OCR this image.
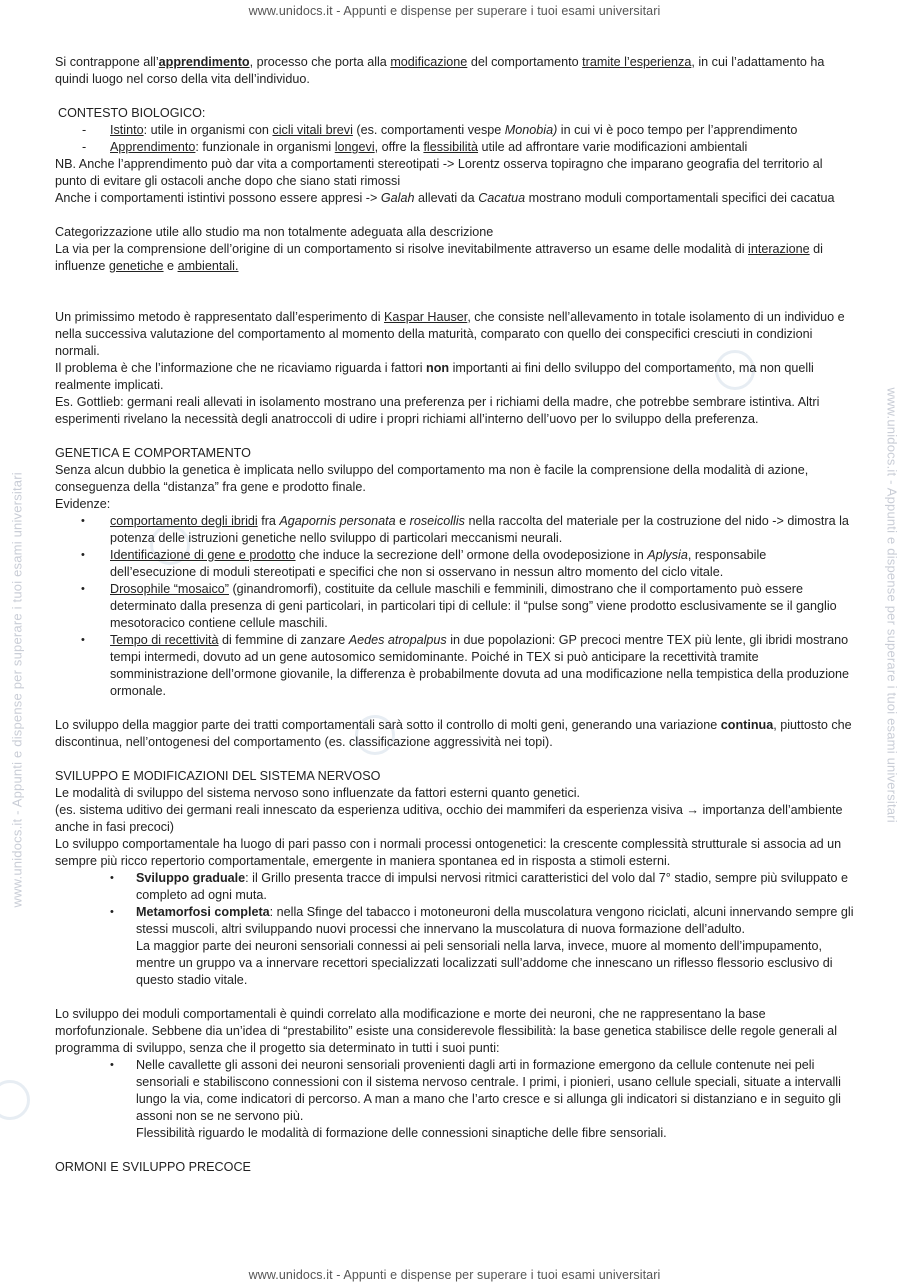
www.unidocs.it - Appunti e dispense per superare i tuoi esami universitari
www.unidocs.it - Appunti e dispense per superare i tuoi esami universitari	www.unidocs.it - Appunti e dispense per superare i tuoi esami universitari

Si contrappone all’apprendimento, processo che porta alla modificazione del comportamento tramite l’esperienza, in cui l’adattamento ha quindi luogo nel corso della vita dell’individuo.

CONTESTO BIOLOGICO:

- Istinto: utile in organismi con cicli vitali brevi (es. comportamenti vespe Monobia) in cui vi è poco tempo per l’apprendimento
- Apprendimento: funzionale in organismi longevi, offre la flessibilità utile ad affrontare varie modificazioni ambientali

NB. Anche l’apprendimento può dar vita a comportamenti stereotipati -> Lorentz osserva topiragno che imparano geografia del territorio al punto di evitare gli ostacoli anche dopo che siano stati rimossi

Anche i comportamenti istintivi possono essere appresi -> Galah allevati da Cacatua mostrano moduli comportamentali specifici dei cacatua

Categorizzazione utile allo studio ma non totalmente adeguata alla descrizione

La via per la comprensione dell’origine di un comportamento si risolve inevitabilmente attraverso un esame delle modalità di interazione di influenze genetiche e ambientali.

Un primissimo metodo è rappresentato dall’esperimento di Kaspar Hauser, che consiste nell’allevamento in totale isolamento di un individuo e nella successiva valutazione del comportamento al momento della maturità, comparato con quello dei conspecifici cresciuti in condizioni normali.

Il problema è che l’informazione che ne ricaviamo riguarda i fattori non importanti ai fini dello sviluppo del comportamento, ma non quelli realmente implicati.

Es. Gottlieb: germani reali allevati in isolamento mostrano una preferenza per i richiami della madre, che potrebbe sembrare istintiva. Altri esperimenti rivelano la necessità degli anatroccoli di udire i propri richiami all’interno dell’uovo per lo sviluppo della preferenza.

GENETICA E COMPORTAMENTO

Senza alcun dubbio la genetica è implicata nello sviluppo del comportamento ma non è facile la comprensione della modalità di azione, conseguenza della “distanza” fra gene e prodotto finale.

Evidenze:

• comportamento degli ibridi fra Agapornis personata e roseicollis nella raccolta del materiale per la costruzione del nido -> dimostra la potenza delle istruzioni genetiche nello sviluppo di particolari meccanismi neurali.
• Identificazione di gene e prodotto che induce la secrezione dell’ ormone della ovodeposizione in Aplysia, responsabile dell’esecuzione di moduli stereotipati e specifici che non si osservano in nessun altro momento del ciclo vitale.
• Drosophile “mosaico” (ginandromorfi), costituite da cellule maschili e femminili, dimostrano che il comportamento può essere determinato dalla presenza di geni particolari, in particolari tipi di cellule: il “pulse song” viene prodotto esclusivamente se il ganglio mesotoracico contiene cellule maschili.
• Tempo di recettività di femmine di zanzare Aedes atropalpus in due popolazioni: GP precoci mentre TEX più lente, gli ibridi mostrano tempi intermedi, dovuto ad un gene autosomico semidominante. Poiché in TEX si può anticipare la recettività tramite somministrazione dell’ormone giovanile, la differenza è probabilmente dovuta ad una modificazione nella tempistica della produzione ormonale.

Lo sviluppo della maggior parte dei tratti comportamentali sarà sotto il controllo di molti geni, generando una variazione continua, piuttosto che discontinua, nell’ontogenesi del comportamento (es. classificazione aggressività nei topi).

SVILUPPO E MODIFICAZIONI DEL SISTEMA NERVOSO

Le modalità di sviluppo del sistema nervoso sono influenzate da fattori esterni quanto genetici.

(es. sistema uditivo dei germani reali innescato da esperienza uditiva, occhio dei mammiferi da esperienza visiva → importanza dell’ambiente anche in fasi precoci)

Lo sviluppo comportamentale ha luogo di pari passo con i normali processi ontogenetici: la crescente complessità strutturale si associa ad un sempre più ricco repertorio comportamentale, emergente in maniera spontanea ed in risposta a stimoli esterni.

• Sviluppo graduale: il Grillo presenta tracce di impulsi nervosi ritmici caratteristici del volo dal 7° stadio, sempre più sviluppato e completo ad ogni muta.
• Metamorfosi completa: nella Sfinge del tabacco i motoneuroni della muscolatura vengono riciclati, alcuni innervando sempre gli stessi muscoli, altri sviluppando nuovi processi che innervano la muscolatura di nuova formazione dell’adulto.

La maggior parte dei neuroni sensoriali connessi ai peli sensoriali nella larva, invece, muore al momento dell’impupamento, mentre un gruppo va a innervare recettori specializzati localizzati sull’addome che innescano un riflesso flessorio esclusivo di questo stadio vitale.

Lo sviluppo dei moduli comportamentali è quindi correlato alla modificazione e morte dei neuroni, che ne rappresentano la base morfofunzionale. Sebbene dia un’idea di “prestabilito” esiste una considerevole flessibilità: la base genetica stabilisce delle regole generali al programma di sviluppo, senza che il progetto sia determinato in tutti i suoi punti:

• Nelle cavallette gli assoni dei neuroni sensoriali provenienti dagli arti in formazione emergono da cellule contenute nei peli sensoriali e stabiliscono connessioni con il sistema nervoso centrale. I primi, i pionieri, usano cellule speciali, situate a intervalli lungo la via, come indicatori di percorso. A man a mano che l’arto cresce e si allunga gli indicatori si distanziano e in seguito gli assoni non se ne servono più.

Flessibilità riguardo le modalità di formazione delle connessioni sinaptiche delle fibre sensoriali.

ORMONI E SVILUPPO PRECOCE

www.unidocs.it - Appunti e dispense per superare i tuoi esami universitari
